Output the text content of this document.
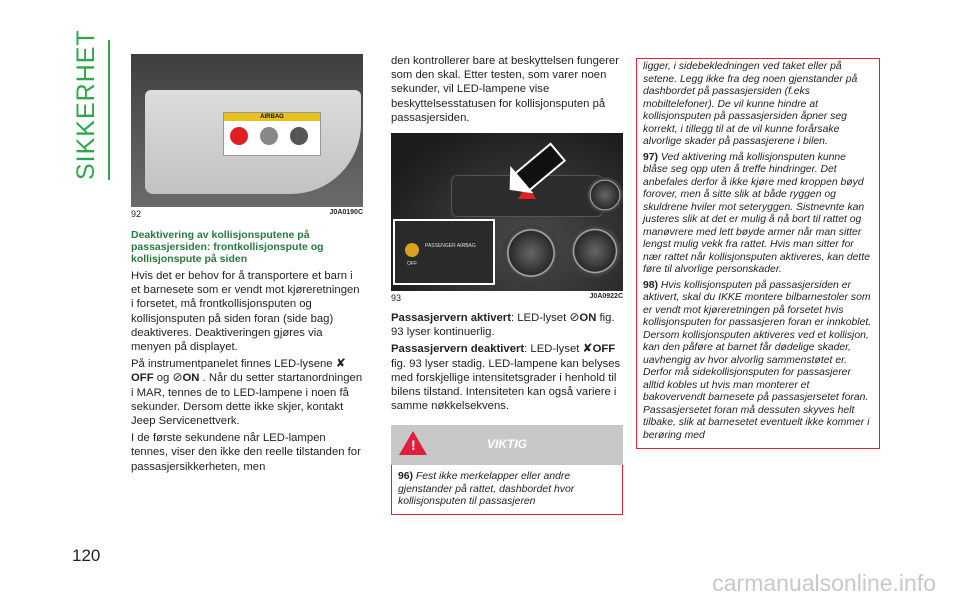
SIKKERHET
120
AIRBAG
92	J0A0190C
Deaktivering av kollisjonsputene på passasjersiden: frontkollisjonspute og kollisjonspute på siden

Hvis det er behov for å transportere et barn i et barnesete som er vendt mot kjøreretningen i forsetet, må frontkollisjonsputen og kollisjonsputen på siden foran (side bag) deaktiveres. Deaktiveringen gjøres via menyen på displayet.

På instrumentpanelet finnes LED-lysene ✘OFF og ⊘ON . Når du setter startanordningen i MAR, tennes de to LED-lampene i noen få sekunder. Dersom dette ikke skjer, kontakt Jeep Servicenettverk.

I de første sekundene når LED-lampen tennes, viser den ikke den reelle tilstanden for passasjersikkerheten, men

den kontrollerer bare at beskyttelsen fungerer som den skal. Etter testen, som varer noen sekunder, vil LED-lampene vise beskyttelsesstatusen for kollisjonsputen på passasjersiden.

PASSENGER AIRBAG
OFF
93	J0A0922C

Passasjervern aktivert: LED-lyset ⊘ON fig. 93 lyser kontinuerlig.

Passasjervern deaktivert: LED-lyset ✘OFF fig. 93 lyser stadig. LED-lampene kan belyses med forskjellige intensitetsgrader i henhold til bilens tilstand. Intensiteten kan også variere i samme nøkkelsekvens.

!	VIKTIG

96) Fest ikke merkelapper eller andre gjenstander på rattet, dashbordet hvor kollisjonsputen til passasjeren

ligger, i sidebekledningen ved taket eller på setene. Legg ikke fra deg noen gjenstander på dashbordet på passasjersiden (f.eks mobiltelefoner). De vil kunne hindre at kollisjonsputen på passasjersiden åpner seg korrekt, i tillegg til at de vil kunne forårsake alvorlige skader på passasjerene i bilen.

97) Ved aktivering må kollisjonsputen kunne blåse seg opp uten å treffe hindringer. Det anbefales derfor å ikke kjøre med kroppen bøyd forover, men å sitte slik at både ryggen og skuldrene hviler mot seteryggen. Sistnevnte kan justeres slik at det er mulig å nå bort til rattet og manøvrere med lett bøyde armer når man sitter lengst mulig vekk fra rattet. Hvis man sitter for nær rattet når kollisjonsputen aktiveres, kan dette føre til alvorlige personskader.

98) Hvis kollisjonsputen på passasjersiden er aktivert, skal du IKKE montere bilbarnestoler som er vendt mot kjøreretningen på forsetet hvis kollisjonsputen for passasjeren foran er innkoblet. Dersom kollisjonsputen aktiveres ved et kollisjon, kan den påføre at barnet får dødelige skader, uavhengig av hvor alvorlig sammenstøtet er. Derfor må sidekollisjonsputen for passasjerer alltid kobles ut hvis man monterer et bakovervendt barnesete på passasjersetet foran. Passasjersetet foran må dessuten skyves helt tilbake, slik at barnesetet eventuelt ikke kommer i berøring med

carmanualsonline.info
